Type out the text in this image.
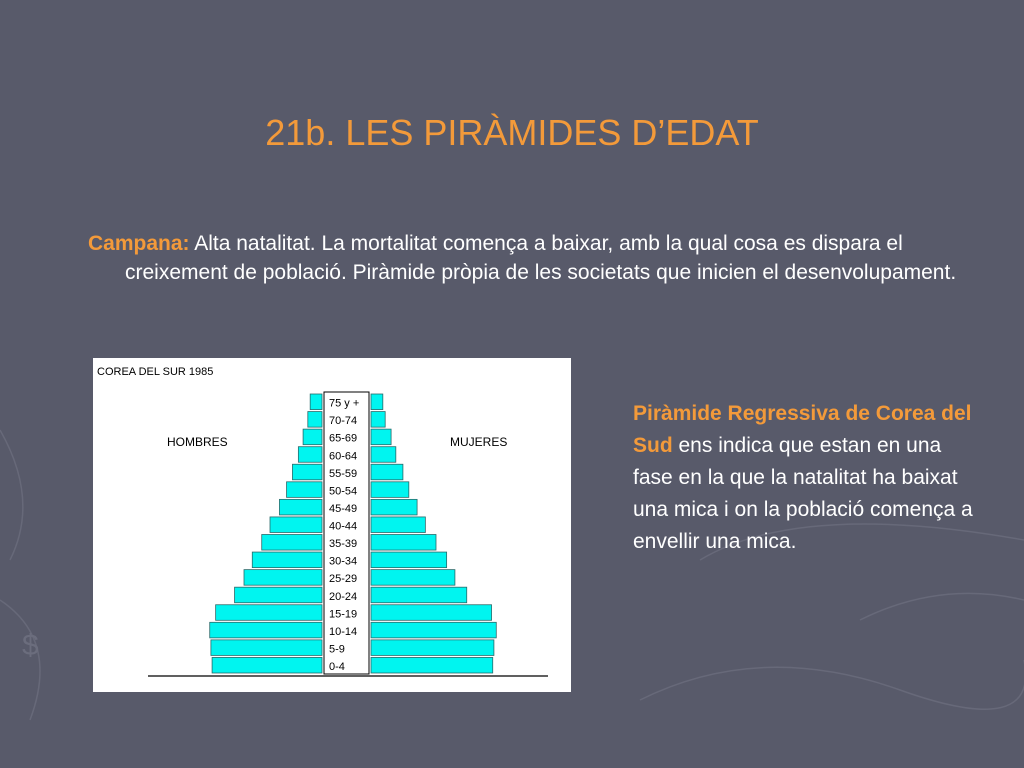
$
21b. LES PIRÀMIDES D’EDAT
Campana: Alta natalitat. La mortalitat comença a baixar, amb la qual cosa es dispara el creixement de població. Piràmide pròpia de les societats que inicien el desenvolupament.
COREA DEL SUR 1985
HOMBRES	MUJERES
75 y +
70-74
65-69
60-64
55-59
50-54
45-49
40-44
35-39
30-34
25-29
20-24
15-19
10-14
5-9
0-4
Piràmide Regressiva de Corea del Sud ens indica que estan en una fase en la que la natalitat ha baixat una mica i on la població comença a envellir una mica.
